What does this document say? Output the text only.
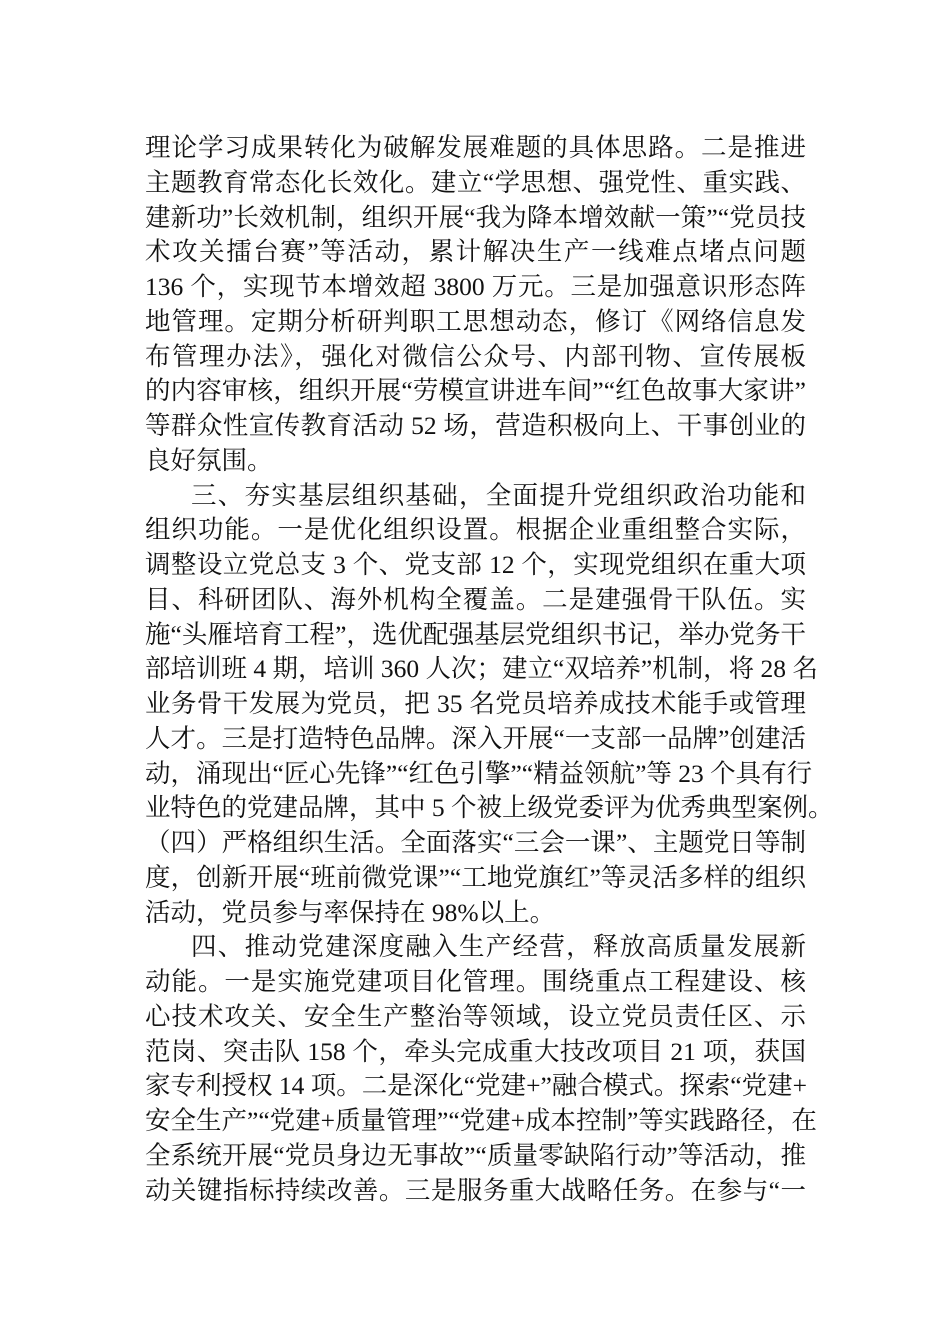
理论学习成果转化为破解发展难题的具体思路。二是推进
主题教育常态化长效化。建立“学思想、强党性、重实践、
建新功”长效机制，组织开展“我为降本增效献一策”“党员技
术攻关擂台赛”等活动，累计解决生产一线难点堵点问题
136 个，实现节本增效超 3800 万元。三是加强意识形态阵
地管理。定期分析研判职工思想动态，修订《网络信息发
布管理办法》，强化对微信公众号、内部刊物、宣传展板
的内容审核，组织开展“劳模宣讲进车间”“红色故事大家讲”
等群众性宣传教育活动 52 场，营造积极向上、干事创业的
良好氛围。
三、夯实基层组织基础，全面提升党组织政治功能和
组织功能。一是优化组织设置。根据企业重组整合实际，
调整设立党总支 3 个、党支部 12 个，实现党组织在重大项
目、科研团队、海外机构全覆盖。二是建强骨干队伍。实
施“头雁培育工程”，选优配强基层党组织书记，举办党务干
部培训班 4 期，培训 360 人次；建立“双培养”机制，将 28 名
业务骨干发展为党员，把 35 名党员培养成技术能手或管理
人才。三是打造特色品牌。深入开展“一支部一品牌”创建活
动，涌现出“匠心先锋”“红色引擎”“精益领航”等 23 个具有行
业特色的党建品牌，其中 5 个被上级党委评为优秀典型案例。
（四）严格组织生活。全面落实“三会一课”、主题党日等制
度，创新开展“班前微党课”“工地党旗红”等灵活多样的组织
活动，党员参与率保持在 98%以上。
四、推动党建深度融入生产经营，释放高质量发展新
动能。一是实施党建项目化管理。围绕重点工程建设、核
心技术攻关、安全生产整治等领域，设立党员责任区、示
范岗、突击队 158 个，牵头完成重大技改项目 21 项，获国
家专利授权 14 项。二是深化“党建+”融合模式。探索“党建+
安全生产”“党建+质量管理”“党建+成本控制”等实践路径，在
全系统开展“党员身边无事故”“质量零缺陷行动”等活动，推
动关键指标持续改善。三是服务重大战略任务。在参与“一
